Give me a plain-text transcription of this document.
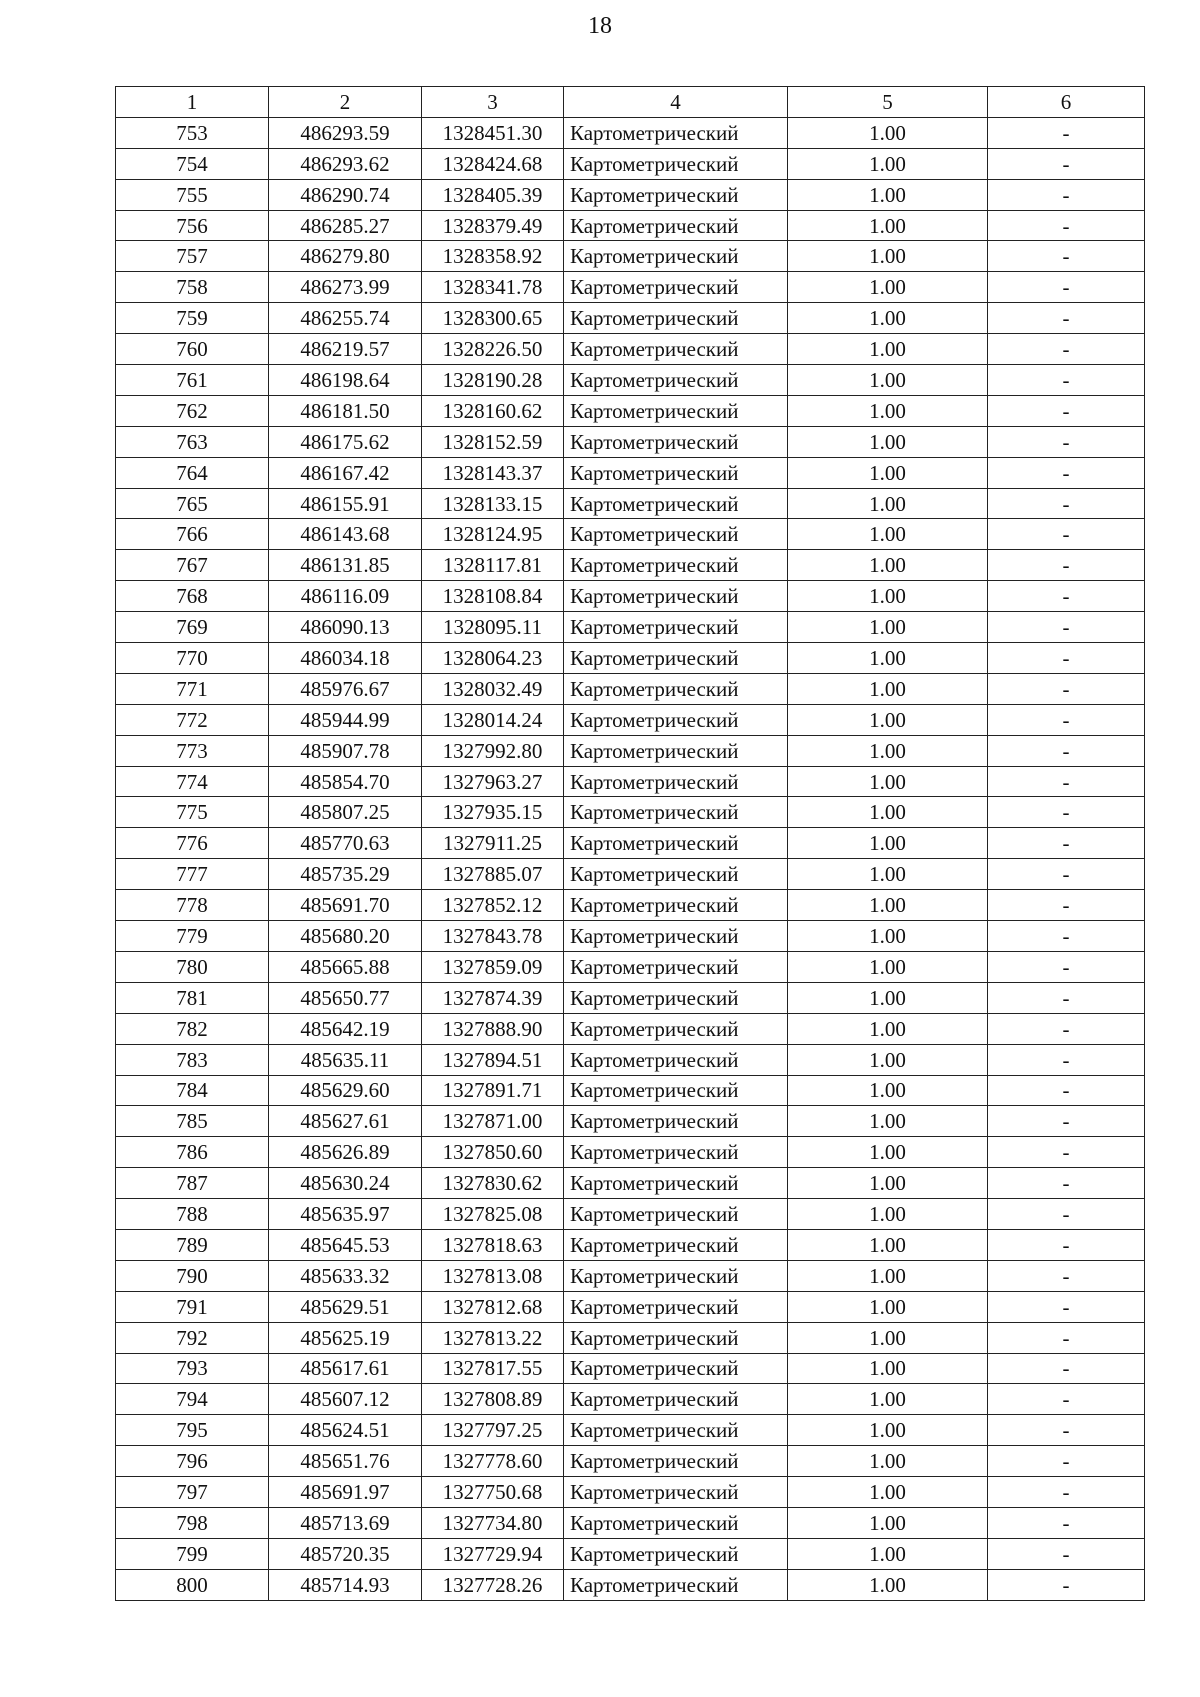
18
1	2	3	4	5	6
753	486293.59	1328451.30	Картометрический	1.00	-
754	486293.62	1328424.68	Картометрический	1.00	-
755	486290.74	1328405.39	Картометрический	1.00	-
756	486285.27	1328379.49	Картометрический	1.00	-
757	486279.80	1328358.92	Картометрический	1.00	-
758	486273.99	1328341.78	Картометрический	1.00	-
759	486255.74	1328300.65	Картометрический	1.00	-
760	486219.57	1328226.50	Картометрический	1.00	-
761	486198.64	1328190.28	Картометрический	1.00	-
762	486181.50	1328160.62	Картометрический	1.00	-
763	486175.62	1328152.59	Картометрический	1.00	-
764	486167.42	1328143.37	Картометрический	1.00	-
765	486155.91	1328133.15	Картометрический	1.00	-
766	486143.68	1328124.95	Картометрический	1.00	-
767	486131.85	1328117.81	Картометрический	1.00	-
768	486116.09	1328108.84	Картометрический	1.00	-
769	486090.13	1328095.11	Картометрический	1.00	-
770	486034.18	1328064.23	Картометрический	1.00	-
771	485976.67	1328032.49	Картометрический	1.00	-
772	485944.99	1328014.24	Картометрический	1.00	-
773	485907.78	1327992.80	Картометрический	1.00	-
774	485854.70	1327963.27	Картометрический	1.00	-
775	485807.25	1327935.15	Картометрический	1.00	-
776	485770.63	1327911.25	Картометрический	1.00	-
777	485735.29	1327885.07	Картометрический	1.00	-
778	485691.70	1327852.12	Картометрический	1.00	-
779	485680.20	1327843.78	Картометрический	1.00	-
780	485665.88	1327859.09	Картометрический	1.00	-
781	485650.77	1327874.39	Картометрический	1.00	-
782	485642.19	1327888.90	Картометрический	1.00	-
783	485635.11	1327894.51	Картометрический	1.00	-
784	485629.60	1327891.71	Картометрический	1.00	-
785	485627.61	1327871.00	Картометрический	1.00	-
786	485626.89	1327850.60	Картометрический	1.00	-
787	485630.24	1327830.62	Картометрический	1.00	-
788	485635.97	1327825.08	Картометрический	1.00	-
789	485645.53	1327818.63	Картометрический	1.00	-
790	485633.32	1327813.08	Картометрический	1.00	-
791	485629.51	1327812.68	Картометрический	1.00	-
792	485625.19	1327813.22	Картометрический	1.00	-
793	485617.61	1327817.55	Картометрический	1.00	-
794	485607.12	1327808.89	Картометрический	1.00	-
795	485624.51	1327797.25	Картометрический	1.00	-
796	485651.76	1327778.60	Картометрический	1.00	-
797	485691.97	1327750.68	Картометрический	1.00	-
798	485713.69	1327734.80	Картометрический	1.00	-
799	485720.35	1327729.94	Картометрический	1.00	-
800	485714.93	1327728.26	Картометрический	1.00	-
